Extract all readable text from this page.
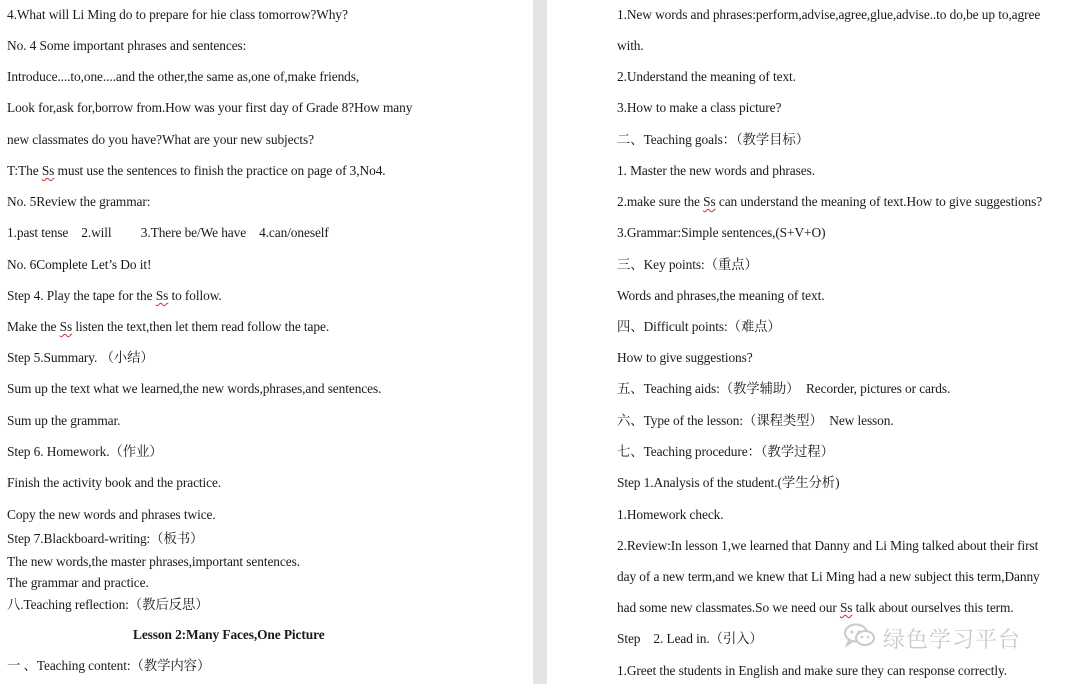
4.What will Li Ming do to prepare for hie class tomorrow?Why?
No. 4 Some important phrases and sentences:
Introduce....to,one....and the other,the same as,one of,make friends,
Look for,ask for,borrow from.How was your first day of Grade 8?How many
new classmates do you have?What are your new subjects?
T:The Ss must use the sentences to finish the practice on page of 3,No4.
No. 5Review the grammar:
1.past tense    2.will         3.There be/We have    4.can/oneself
No. 6Complete Let’s Do it!
Step 4. Play the tape for the Ss to follow.
Make the Ss listen the text,then let them read follow the tape.
Step 5.Summary. （小结）
Sum up the text what we learned,the new words,phrases,and sentences.
Sum up the grammar.
Step 6. Homework.（作业）
Finish the activity book and the practice.
Copy the new words and phrases twice.
Step 7.Blackboard-writing:（板书）
The new words,the master phrases,important sentences.
The grammar and practice.
八.Teaching reflection:（教后反思）
Lesson 2:Many Faces,One Picture
一 、Teaching content:（教学内容）
1.New words and phrases:perform,advise,agree,glue,advise..to do,be up to,agree
with.
2.Understand the meaning of text.
3.How to make a class picture?
二、Teaching goals：（教学目标）
1. Master the new words and phrases.
2.make sure the Ss can understand the meaning of text.How to give suggestions?
3.Grammar:Simple sentences,(S+V+O)
三、Key points:（重点）
Words and phrases,the meaning of text.
四、Difficult points:（难点）
How to give suggestions?
五、Teaching aids:（教学辅助）  Recorder, pictures or cards.
六、Type of the lesson:（课程类型）  New lesson.
七、Teaching procedure：（教学过程）
Step 1.Analysis of the student.(学生分析)
1.Homework check.
2.Review:In lesson 1,we learned that Danny and Li Ming talked about their first
day of a new term,and we knew that Li Ming had a new subject this term,Danny
had some new classmates.So we need our Ss talk about ourselves this term.
Step    2. Lead in.（引入）
1.Greet the students in English and make sure they can response correctly.
绿色学习平台
